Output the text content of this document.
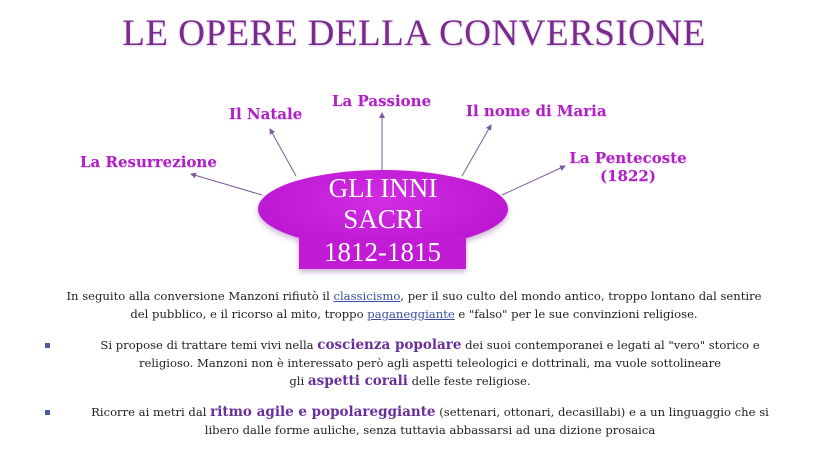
LE OPERE DELLA CONVERSIONE
La Resurrezione
Il Natale
La Passione
Il nome di Maria
La Pentecoste
(1822)
GLI INNI
SACRI
1812-1815
In seguito alla conversione Manzoni rifiutò il classicismo, per il suo culto del mondo antico, troppo lontano dal sentire
del pubblico, e il ricorso al mito, troppo paganeggiante e "falso" per le sue convinzioni religiose.
Si propose di trattare temi vivi nella coscienza popolare dei suoi contemporanei e legati al "vero" storico e
religioso. Manzoni non è interessato però agli aspetti teleologici e dottrinali, ma vuole sottolineare
gli aspetti corali delle feste religiose.
Ricorre ai metri dal ritmo agile e popolareggiante (settenari, ottonari, decasillabi) e a un linguaggio che si
libero dalle forme auliche, senza tuttavia abbassarsi ad una dizione prosaica
